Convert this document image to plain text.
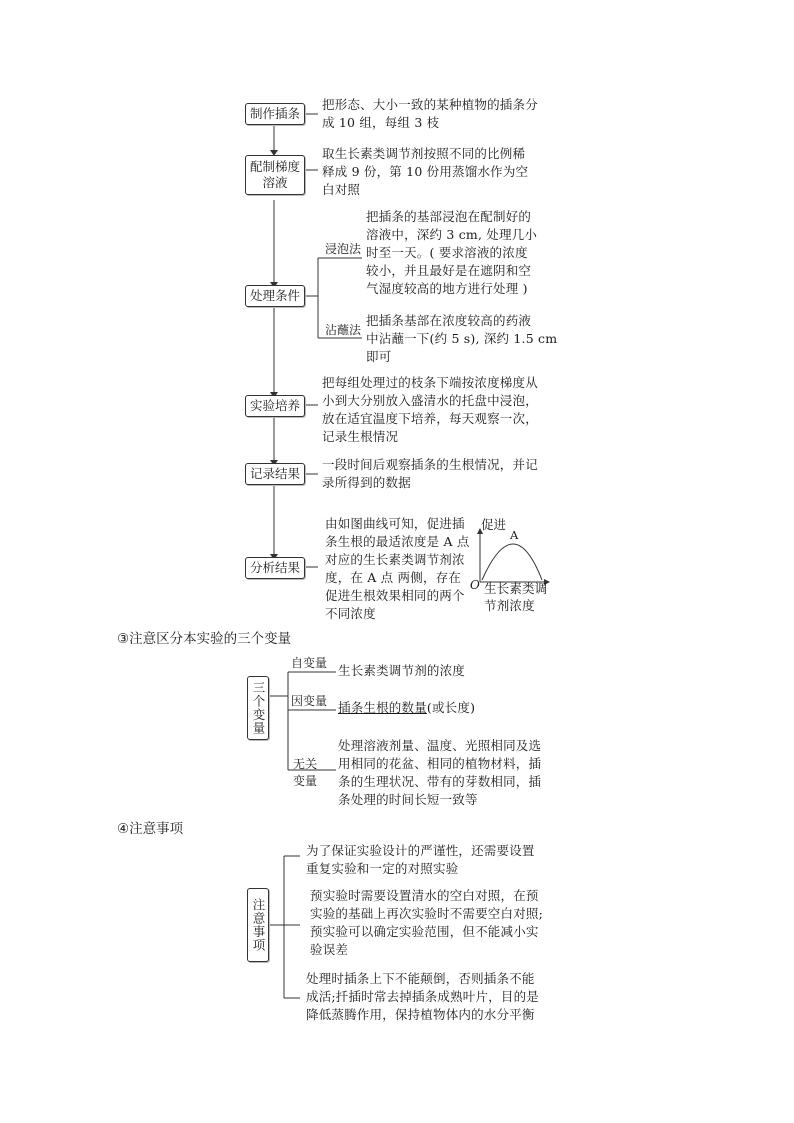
制作插条
把形态、大小一致的某种植物的插条分
成 10 组，每组 3 枝
配制梯度
溶液
取生长素类调节剂按照不同的比例稀
释成 9 份，第 10 份用蒸馏水作为空
白对照
处理条件
浸泡法
把插条的基部浸泡在配制好的
溶液中，深约 3 cm, 处理几小
时至一天。( 要求溶液的浓度
较小，并且最好是在遮阴和空
气湿度较高的地方进行处理 )
沾蘸法
把插条基部在浓度较高的药液
中沾蘸一下(约 5 s), 深约 1.5 cm
即可
实验培养
把每组处理过的枝条下端按浓度梯度从
小到大分别放入盛清水的托盘中浸泡，
放在适宜温度下培养，每天观察一次，
记录生根情况
记录结果
一段时间后观察插条的生根情况，并记
录所得到的数据
分析结果
由如图曲线可知，促进插
条生根的最适浓度是 A 点
对应的生长素类调节剂浓
度，在 A 点 两侧，存在
促进生根效果相同的两个
不同浓度
促进
A
O 生长素类调
节剂浓度
③注意区分本实验的三个变量
三个变量
自变量 生长素类调节剂的浓度
因变量 插条生根的数量(或长度)
无关
变量
处理溶液剂量、温度、光照相同及选
用相同的花盆、相同的植物材料，插
条的生理状况、带有的芽数相同，插
条处理的时间长短一致等
④注意事项
注意事项
为了保证实验设计的严谨性，还需要设置
重复实验和一定的对照实验
预实验时需要设置清水的空白对照，在预
实验的基础上再次实验时不需要空白对照;
预实验可以确定实验范围，但不能减小实
验误差
处理时插条上下不能颠倒，否则插条不能
成活;扦插时常去掉插条成熟叶片，目的是
降低蒸腾作用，保持植物体内的水分平衡
